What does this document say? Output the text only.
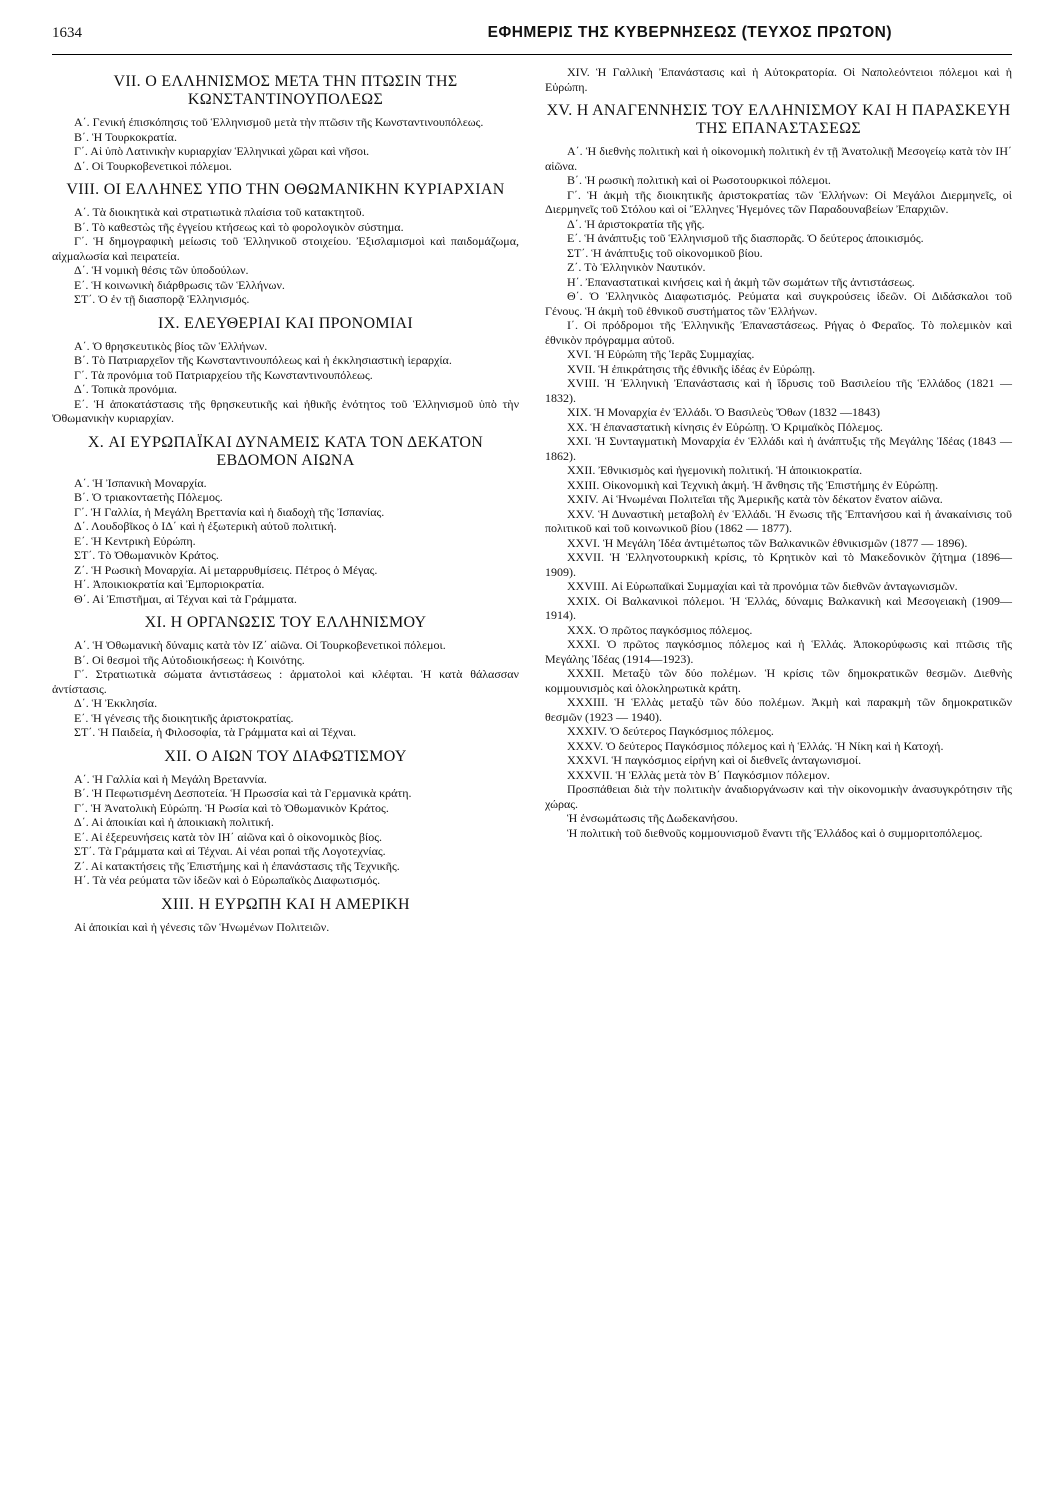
1634	ΕΦΗΜΕΡΙΣ ΤΗΣ ΚΥΒΕΡΝΗΣΕΩΣ (ΤΕΥΧΟΣ ΠΡΩΤΟΝ)

VII. Ο ΕΛΛΗΝΙΣΜΟΣ ΜΕΤΑ ΤΗΝ ΠΤΩΣΙΝ ΤΗΣ ΚΩΝΣΤΑΝΤΙΝΟΥΠΟΛΕΩΣ

Α΄. Γενική έπισκόπησις τοῦ Ἑλληνισμοῦ μετὰ τὴν πτῶσιν τῆς Κωνσταντινουπόλεως.

Β΄. Ἡ Τουρκοκρατία.

Γ΄. Αἱ ὑπὸ Λατινικὴν κυριαρχίαν Ἑλληνικαὶ χῶραι καὶ νῆσοι.

Δ΄. Οἱ Τουρκοβενετικοὶ πόλεμοι.

VIII. ΟΙ ΕΛΛΗΝΕΣ ΥΠΟ ΤΗΝ ΟΘΩΜΑΝΙΚΗΝ ΚΥΡΙΑΡΧΙΑΝ

Α΄. Τὰ διοικητικὰ καὶ στρατιωτικὰ πλαίσια τοῦ κατακτητοῦ.

Β΄. Τὸ καθεστὼς τῆς ἐγγείου κτήσεως καὶ τὸ φορολογικὸν σύστημα.

Γ΄. Ἡ δημογραφικὴ μείωσις τοῦ Ἑλληνικοῦ στοιχείου. Ἐξισλαμισμοὶ καὶ παιδομάζωμα, αἰχμαλωσία καὶ πειρατεία.

Δ΄. Ἡ νομικὴ θέσις τῶν ὑποδούλων.

Ε΄. Ἡ κοινωνικὴ διάρθρωσις τῶν Ἑλλήνων.

ΣΤ΄. Ὁ ἐν τῇ διασπορᾷ Ἑλληνισμός.

IX. ΕΛΕΥΘΕΡΙΑΙ ΚΑΙ ΠΡΟΝΟΜΙΑΙ

Α΄. Ὁ θρησκευτικὸς βίος τῶν Ἑλλήνων.

Β΄. Τὸ Πατριαρχεῖον τῆς Κωνσταντινουπόλεως καὶ ἡ ἐκκλησιαστικὴ ἱεραρχία.

Γ΄. Τὰ προνόμια τοῦ Πατριαρχείου τῆς Κωνσταντινουπόλεως.

Δ΄. Τοπικὰ προνόμια.

Ε΄. Ἡ ἀποκατάστασις τῆς θρησκευτικῆς καὶ ἠθικῆς ἑνότητος τοῦ Ἑλληνισμοῦ ὑπὸ τὴν Ὀθωμανικὴν κυριαρχίαν.

X. ΑΙ ΕΥΡΩΠΑΪΚΑΙ ΔΥΝΑΜΕΙΣ ΚΑΤΑ ΤΟΝ ΔΕΚΑΤΟΝ ΕΒΔΟΜΟΝ ΑΙΩΝΑ

Α΄. Ἡ Ἰσπανικὴ Μοναρχία.

Β΄. Ὁ τριακονταετὴς Πόλεμος.

Γ΄. Ἡ Γαλλία, ἡ Μεγάλη Βρεττανία καὶ ἡ διαδοχὴ τῆς Ἰσπανίας.

Δ΄. Λουδοβῖκος ὁ ΙΔ΄ καὶ ἡ ἐξωτερικὴ αὐτοῦ πολιτική.

Ε΄. Ἡ Κεντρικὴ Εὐρώπη.

ΣΤ΄. Τὸ Ὀθωμανικὸν Κράτος.

Ζ΄. Ἡ Ρωσικὴ Μοναρχία. Αἱ μεταρρυθμίσεις. Πέτρος ὁ Μέγας.

Η΄. Ἀποικιοκρατία καὶ Ἐμποριοκρατία.

Θ΄. Αἱ Ἐπιστῆμαι, αἱ Τέχναι καὶ τὰ Γράμματα.

XI. Η ΟΡΓΑΝΩΣΙΣ ΤΟΥ ΕΛΛΗΝΙΣΜΟΥ

Α΄. Ἡ Ὀθωμανικὴ δύναμις κατὰ τὸν ΙΖ΄ αἰῶνα. Οἱ Τουρκοβενετικοὶ πόλεμοι.

Β΄. Οἱ θεσμοὶ τῆς Αὐτοδιοικήσεως: ἡ Κοινότης.

Γ΄. Στρατιωτικὰ σώματα ἀντιστάσεως : ἁρματολοὶ καὶ κλέφται. Ἡ κατὰ θάλασσαν ἀντίστασις.

Δ΄. Ἡ Ἐκκλησία.

Ε΄. Ἡ γένεσις τῆς διοικητικῆς ἀριστοκρατίας.

ΣΤ΄. Ἡ Παιδεία, ἡ Φιλοσοφία, τὰ Γράμματα καὶ αἱ Τέχναι.

XII. Ο ΑΙΩΝ ΤΟΥ ΔΙΑΦΩΤΙΣΜΟΥ

Α΄. Ἡ Γαλλία καὶ ἡ Μεγάλη Βρεταννία.

Β΄. Ἡ Πεφωτισμένη Δεσποτεία. Ἡ Πρωσσία καὶ τὰ Γερμανικὰ κράτη.

Γ΄. Ἡ Ἀνατολικὴ Εὐρώπη. Ἡ Ρωσία καὶ τὸ Ὀθωμανικὸν Κράτος.

Δ΄. Αἱ ἀποικίαι καὶ ἡ ἀποικιακὴ πολιτική.

Ε΄. Αἱ ἐξερευνήσεις κατὰ τὸν ΙΗ΄ αἰῶνα καὶ ὁ οἰκονομικὸς βίος.

ΣΤ΄. Τὰ Γράμματα καὶ αἱ Τέχναι. Αἱ νέαι ροπαὶ τῆς Λογοτεχνίας.

Ζ΄. Αἱ κατακτήσεις τῆς Ἐπιστήμης καὶ ἡ ἐπανάστασις τῆς Τεχνικῆς.

Η΄. Τὰ νέα ρεύματα τῶν ἰδεῶν καὶ ὁ Εὐρωπαϊκὸς Διαφωτισμός.

XIII. Η ΕΥΡΩΠΗ ΚΑΙ Η ΑΜΕΡΙΚΗ

Αἱ ἀποικίαι καὶ ἡ γένεσις τῶν Ἡνωμένων Πολιτειῶν.

XIV. Ἡ Γαλλικὴ Ἐπανάστασις καὶ ἡ Αὐτοκρατορία. Οἱ Ναπολεόντειοι πόλεμοι καὶ ἡ Εὐρώπη.

XV. Η ΑΝΑΓΕΝΝΗΣΙΣ ΤΟΥ ΕΛΛΗΝΙΣΜΟΥ ΚΑΙ Η ΠΑΡΑΣΚΕΥΗ ΤΗΣ ΕΠΑΝΑΣΤΑΣΕΩΣ

Α΄. Ἡ διεθνὴς πολιτικὴ καὶ ἡ οἰκονομικὴ πολιτικὴ ἐν τῇ Ἀνατολικῇ Μεσογείῳ κατὰ τὸν ΙΗ΄ αἰῶνα.

Β΄. Ἡ ρωσικὴ πολιτικὴ καὶ οἱ Ρωσοτουρκικοὶ πόλεμοι.

Γ΄. Ἡ ἀκμὴ τῆς διοικητικῆς ἀριστοκρατίας τῶν Ἑλλήνων: Οἱ Μεγάλοι Διερμηνεῖς, οἱ Διερμηνεῖς τοῦ Στόλου καὶ οἱ Ἕλληνες Ἡγεμόνες τῶν Παραδουναβείων Ἐπαρχιῶν.

Δ΄. Ἡ ἀριστοκρατία τῆς γῆς.

Ε΄. Ἡ ἀνάπτυξις τοῦ Ἑλληνισμοῦ τῆς διασπορᾶς. Ὁ δεύτερος ἀποικισμός.

ΣΤ΄. Ἡ ἀνάπτυξις τοῦ οἰκονομικοῦ βίου.

Ζ΄. Τὸ Ἑλληνικὸν Ναυτικόν.

Η΄. Ἐπαναστατικαὶ κινήσεις καὶ ἡ ἀκμὴ τῶν σωμάτων τῆς ἀντιστάσεως.

Θ΄. Ὁ Ἑλληνικὸς Διαφωτισμός. Ρεύματα καὶ συγκρούσεις ἰδεῶν. Οἱ Διδάσκαλοι τοῦ Γένους. Ἡ ἀκμὴ τοῦ ἐθνικοῦ συστήματος τῶν Ἑλλήνων.

Ι΄. Οἱ πρόδρομοι τῆς Ἑλληνικῆς Ἐπαναστάσεως. Ρήγας ὁ Φεραῖος. Τὸ πολεμικὸν καὶ ἐθνικὸν πρόγραμμα αὐτοῦ.

XVI. Ἡ Εὐρώπη τῆς Ἱερᾶς Συμμαχίας.

XVII. Ἡ ἐπικράτησις τῆς ἐθνικῆς ἰδέας ἐν Εὐρώπῃ.

XVIII. Ἡ Ἑλληνικὴ Ἐπανάστασις καὶ ἡ ἵδρυσις τοῦ Βασιλείου τῆς Ἑλλάδος (1821 — 1832).

XIX. Ἡ Μοναρχία ἐν Ἑλλάδι. Ὁ Βασιλεὺς Ὄθων (1832 —1843)

XX. Ἡ ἐπαναστατικὴ κίνησις ἐν Εὐρώπῃ. Ὁ Κριμαϊκὸς Πόλεμος.

XXI. Ἡ Συνταγματικὴ Μοναρχία ἐν Ἑλλάδι καὶ ἡ ἀνάπτυξις τῆς Μεγάλης Ἰδέας (1843 — 1862).

XXII. Ἐθνικισμὸς καὶ ἡγεμονικὴ πολιτική. Ἡ ἀποικιοκρατία.

XXIII. Οἰκονομικὴ καὶ Τεχνικὴ ἀκμή. Ἡ ἄνθησις τῆς Ἐπιστήμης ἐν Εὐρώπῃ.

XXIV. Αἱ Ἡνωμέναι Πολιτεῖαι τῆς Ἀμερικῆς κατὰ τὸν δέκατον ἔνατον αἰῶνα.

XXV. Ἡ Δυναστικὴ μεταβολὴ ἐν Ἑλλάδι. Ἡ ἕνωσις τῆς Ἑπτανήσου καὶ ἡ ἀνακαίνισις τοῦ πολιτικοῦ καὶ τοῦ κοινωνικοῦ βίου (1862 — 1877).

XXVI. Ἡ Μεγάλη Ἰδέα ἀντιμέτωπος τῶν Βαλκανικῶν ἐθνικισμῶν (1877 — 1896).

XXVII. Ἡ Ἑλληνοτουρκικὴ κρίσις, τὸ Κρητικὸν καὶ τὸ Μακεδονικὸν ζήτημα (1896—1909).

XXVIII. Αἱ Εὐρωπαϊκαὶ Συμμαχίαι καὶ τὰ προνόμια τῶν διεθνῶν ἀνταγωνισμῶν.

XXIX. Οἱ Βαλκανικοὶ πόλεμοι. Ἡ Ἑλλάς, δύναμις Βαλκανικὴ καὶ Μεσογειακὴ (1909—1914).

XXX. Ὁ πρῶτος παγκόσμιος πόλεμος.

XXXI. Ὁ πρῶτος παγκόσμιος πόλεμος καὶ ἡ Ἑλλάς. Ἀποκορύφωσις καὶ πτῶσις τῆς Μεγάλης Ἰδέας (1914—1923).

XXXII. Μεταξὺ τῶν δύο πολέμων. Ἡ κρίσις τῶν δημοκρατικῶν θεσμῶν. Διεθνὴς κομμουνισμὸς καὶ ὁλοκληρωτικὰ κράτη.

XXXIII. Ἡ Ἑλλὰς μεταξὺ τῶν δύο πολέμων. Ἀκμὴ καὶ παρακμὴ τῶν δημοκρατικῶν θεσμῶν (1923 — 1940).

XXXIV. Ὁ δεύτερος Παγκόσμιος πόλεμος.

XXXV. Ὁ δεύτερος Παγκόσμιος πόλεμος καὶ ἡ Ἑλλάς. Ἡ Νίκη καὶ ἡ Κατοχή.

XXXVI. Ἡ παγκόσμιος εἰρήνη καὶ οἱ διεθνεῖς ἀνταγωνισμοί.

XXXVII. Ἡ Ἑλλὰς μετὰ τὸν Β΄ Παγκόσμιον πόλεμον.

Προσπάθειαι διὰ τὴν πολιτικὴν ἀναδιοργάνωσιν καὶ τὴν οἰκονομικὴν ἀνασυγκρότησιν τῆς χώρας.

Ἡ ἐνσωμάτωσις τῆς Δωδεκανήσου.

Ἡ πολιτικὴ τοῦ διεθνοῦς κομμουνισμοῦ ἔναντι τῆς Ἑλλάδος καὶ ὁ συμμοριτοπόλεμος.
